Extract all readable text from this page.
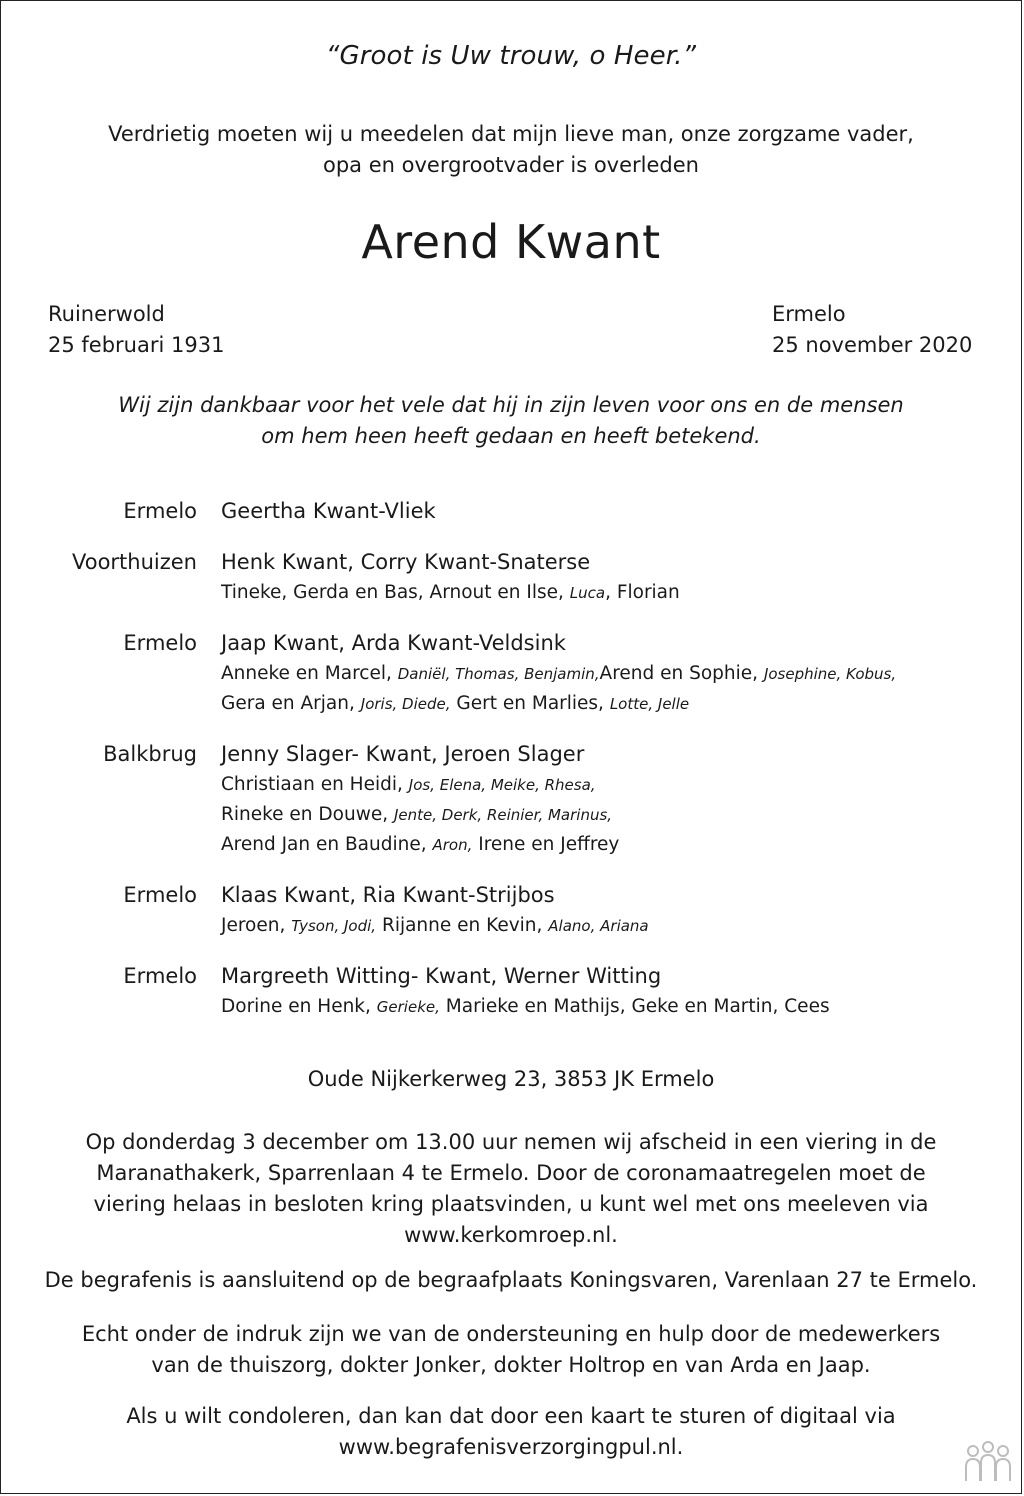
“Groot is Uw trouw, o Heer.”
Verdrietig moeten wij u meedelen dat mijn lieve man, onze zorgzame vader,
opa en overgrootvader is overleden
Arend Kwant
Ruinerwold
25 februari 1931
Ermelo
25 november 2020
Wij zijn dankbaar voor het vele dat hij in zijn leven voor ons en de mensen
om hem heen heeft gedaan en heeft betekend.
Ermelo Geertha Kwant-Vliek
Voorthuizen Henk Kwant, Corry Kwant-Snaterse
Tineke, Gerda en Bas, Arnout en Ilse, Luca, Florian
Ermelo Jaap Kwant, Arda Kwant-Veldsink
Anneke en Marcel, Daniël, Thomas, Benjamin,Arend en Sophie, Josephine, Kobus,
Gera en Arjan, Joris, Diede, Gert en Marlies, Lotte, Jelle
Balkbrug Jenny Slager- Kwant, Jeroen Slager
Christiaan en Heidi, Jos, Elena, Meike, Rhesa,
Rineke en Douwe, Jente, Derk, Reinier, Marinus,
Arend Jan en Baudine, Aron, Irene en Jeffrey
Ermelo Klaas Kwant, Ria Kwant-Strijbos
Jeroen, Tyson, Jodi, Rijanne en Kevin, Alano, Ariana
Ermelo Margreeth Witting- Kwant, Werner Witting
Dorine en Henk, Gerieke, Marieke en Mathijs, Geke en Martin, Cees
Oude Nijkerkerweg 23, 3853 JK Ermelo
Op donderdag 3 december om 13.00 uur nemen wij afscheid in een viering in de
Maranathakerk, Sparrenlaan 4 te Ermelo. Door de coronamaatregelen moet de
viering helaas in besloten kring plaatsvinden, u kunt wel met ons meeleven via
www.kerkomroep.nl.
De begrafenis is aansluitend op de begraafplaats Koningsvaren, Varenlaan 27 te Ermelo.
Echt onder de indruk zijn we van de ondersteuning en hulp door de medewerkers
van de thuiszorg, dokter Jonker, dokter Holtrop en van Arda en Jaap.
Als u wilt condoleren, dan kan dat door een kaart te sturen of digitaal via
www.begrafenisverzorgingpul.nl.
